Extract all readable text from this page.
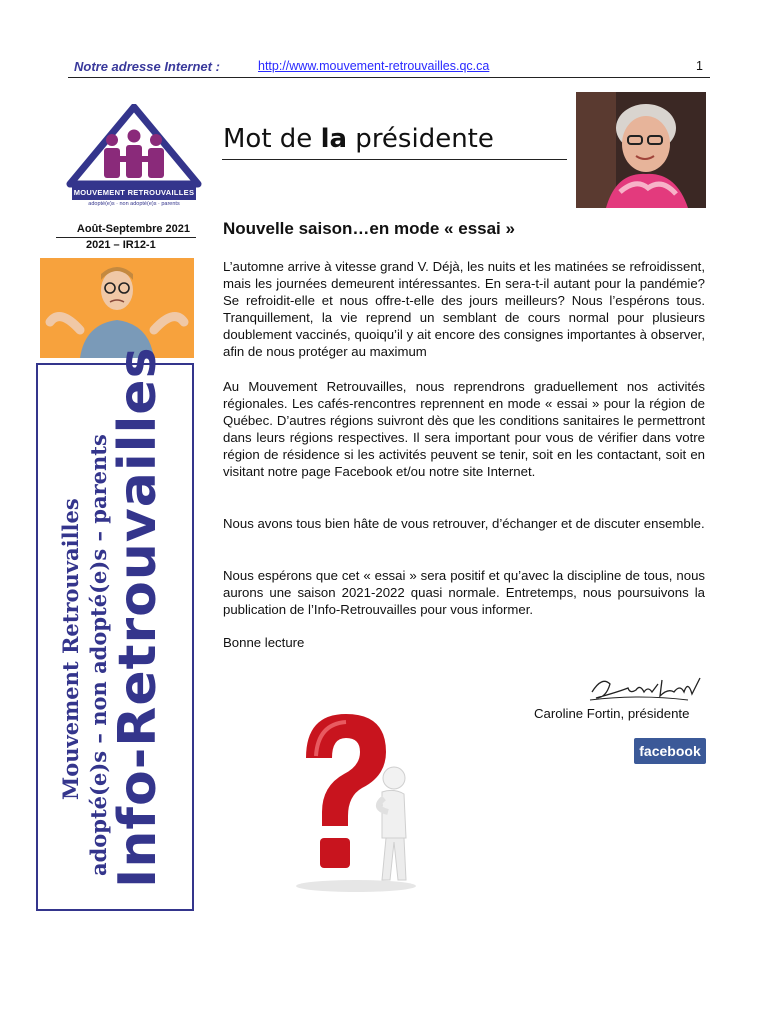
Notre adresse Internet :	http://www.mouvement-retrouvailles.qc.ca	1
MOUVEMENT RETROUVAILLES
adopté(e)s · non adopté(e)s · parents
Mot de la présidente
Août-Septembre 2021
2021 – IR12-1
Mouvement Retrouvailles adopté(e)s – non adopté(e)s – parents
Info-Retrouvailles
Nouvelle saison…en mode « essai »

L’automne arrive à vitesse grand V. Déjà, les nuits et les matinées se refroidissent, mais les journées demeurent intéressantes. En sera-t-il autant pour la pandémie? Se refroidit-elle et nous offre-t-elle des jours meilleurs? Nous l’espérons tous. Tranquillement, la vie reprend un semblant de cours normal pour plusieurs doublement vaccinés, quoiqu’il y ait encore des consignes importantes à observer, afin de nous protéger au maximum

Au Mouvement Retrouvailles, nous reprendrons graduellement nos activités régionales. Les cafés-rencontres reprennent en mode « essai » pour la région de Québec. D’autres régions suivront dès que les conditions sanitaires le permettront dans leurs régions respectives. Il sera important pour vous de vérifier dans votre région de résidence si les activités peuvent se tenir, soit en les contactant, soit en visitant notre page Facebook et/ou notre site Internet.

Nous avons tous bien hâte de vous retrouver, d’échanger et de discuter ensemble.

Nous espérons que cet « essai » sera positif et qu’avec la discipline de tous, nous aurons une saison 2021-2022 quasi normale. Entretemps, nous poursuivons la publication de l’Info-Retrouvailles pour vous informer.

Bonne lecture

Caroline Fortin, présidente
facebook
